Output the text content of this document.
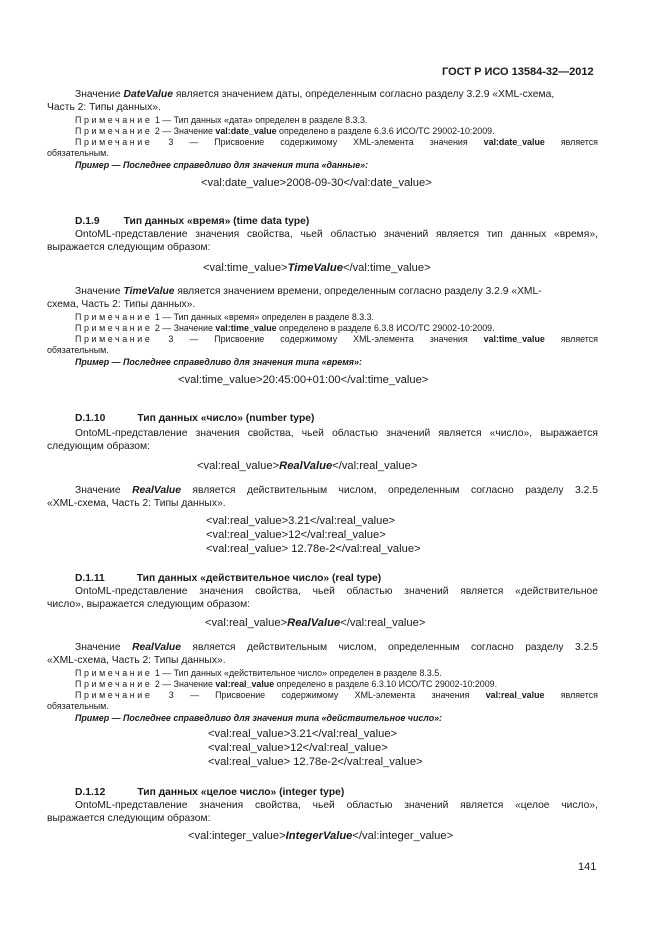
ГОСТ Р ИСО 13584-32—2012
Значение DateValue является значением даты, определенным согласно разделу 3.2.9 «XML-схема,
Часть 2: Типы данных».
Примечание 1 — Тип данных «дата» определен в разделе 8.3.3.
Примечание 2 — Значение val:date_value определено в разделе 6.3.6 ИСО/ТС 29002-10:2009.
Примечание 3 — Присвоение содержимому XML-элемента значения val:date_value является
обязательным.
Пример — Последнее справедливо для значения типа «данные»:
<val:date_value>2008-09-30</val:date_value>
D.1.9 Тип данных «время» (time data type)
OntoML-представление значения свойства, чьей областью значений является тип данных «время»,
выражается следующим образом:
<val:time_value>TimeValue</val:time_value>
Значение TimeValue является значением времени, определенным согласно разделу 3.2.9 «XML-
схема, Часть 2: Типы данных».
Примечание 1 — Тип данных «время» определен в разделе 8.3.3.
Примечание 2 — Значение val:time_value определено в разделе 6.3.8 ИСО/ТС 29002-10:2009.
Примечание 3 — Присвоение содержимому XML-элемента значения val:time_value является
обязательным.
Пример — Последнее справедливо для значения типа «время»:
<val:time_value>20:45:00+01:00</val:time_value>
D.1.10	Тип данных «число» (number type)
OntoML-представление значения свойства, чьей областью значений является «число», выражается
следующим образом:
<val:real_value>RealValue</val:real_value>
Значение RealValue является действительным числом, определенным согласно разделу 3.2.5
«XML-схема, Часть 2: Типы данных».
<val:real_value>3.21</val:real_value>
<val:real_value>12</val:real_value>
<val:real_value> 12.78e-2</val:real_value>
D.1.11	Тип данных «действительное число» (real type)
OntoML-представление значения свойства, чьей областью значений является «действительное
число», выражается следующим образом:
<val:real_value>RealValue</val:real_value>
Значение RealValue является действительным числом, определенным согласно разделу 3.2.5
«XML-схема, Часть 2: Типы данных».
Примечание 1 — Тип данных «действительное число» определен в разделе 8.3.5.
Примечание 2 — Значение val:real_value определено в разделе 6.3.10 ИСО/ТС 29002-10:2009.
Примечание 3 — Присвоение содержимому XML-элемента значения val:real_value является
обязательным.
Пример — Последнее справедливо для значения типа «действительное число»:
<val:real_value>3.21</val:real_value>
<val:real_value>12</val:real_value>
<val:real_value> 12.78e-2</val:real_value>
D.1.12	Тип данных «целое число» (integer type)
OntoML-представление значения свойства, чьей областью значений является «целое число»,
выражается следующим образом:
<val:integer_value>IntegerValue</val:integer_value>
141
